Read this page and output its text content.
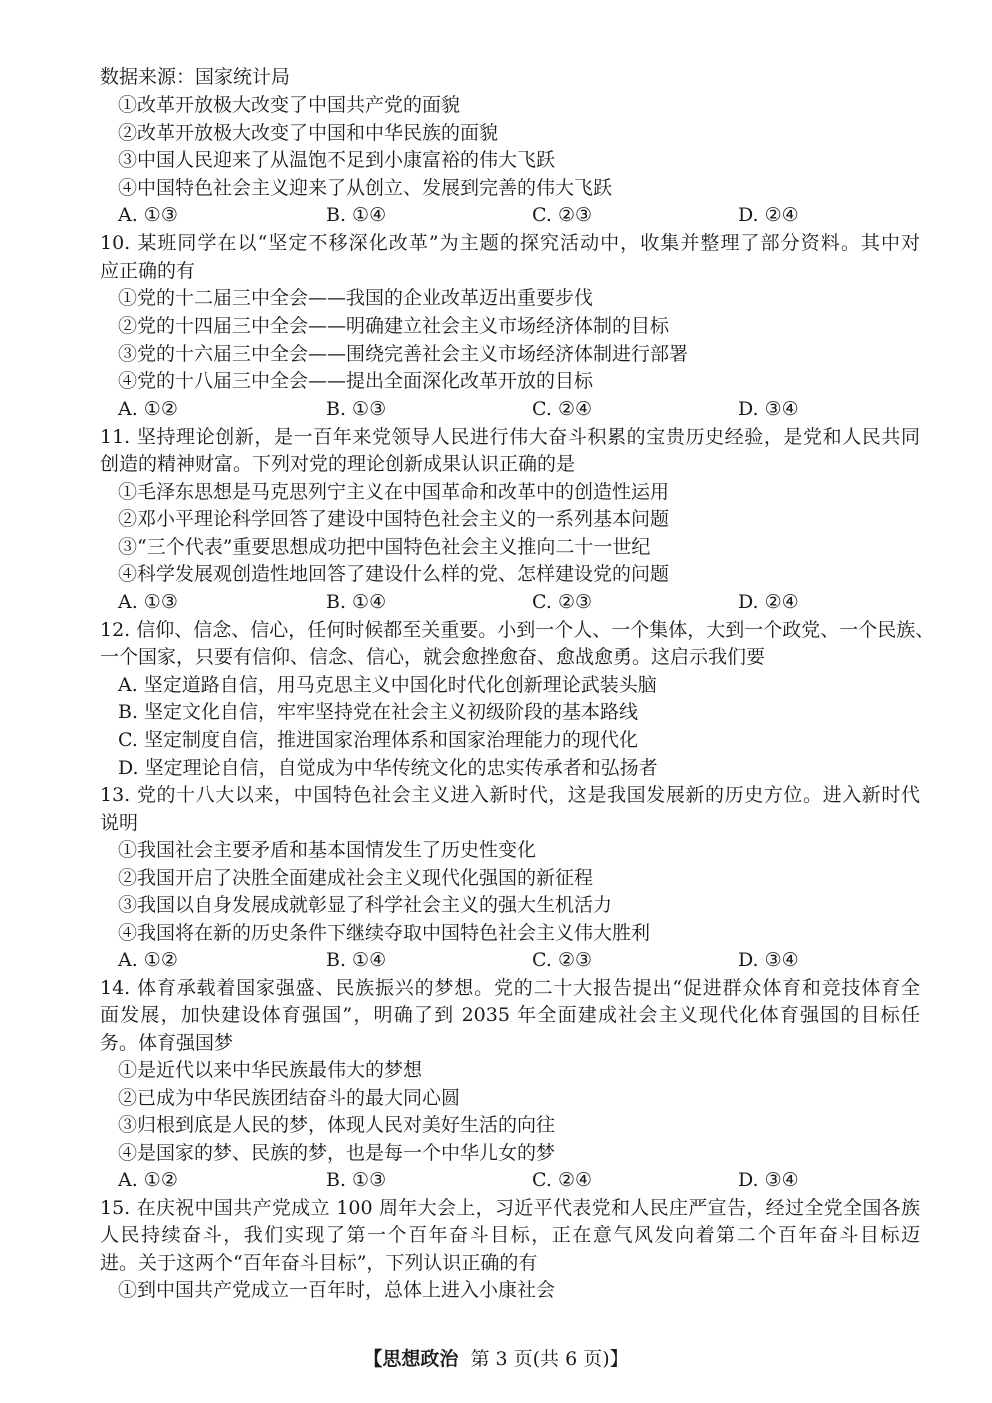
数据来源：国家统计局
①改革开放极大改变了中国共产党的面貌
②改革开放极大改变了中国和中华民族的面貌
③中国人民迎来了从温饱不足到小康富裕的伟大飞跃
④中国特色社会主义迎来了从创立、发展到完善的伟大飞跃
A. ①③	B. ①④	C. ②③	D. ②④
10. 某班同学在以“坚定不移深化改革”为主题的探究活动中，收集并整理了部分资料。其中对
应正确的有
①党的十二届三中全会——我国的企业改革迈出重要步伐
②党的十四届三中全会——明确建立社会主义市场经济体制的目标
③党的十六届三中全会——围绕完善社会主义市场经济体制进行部署
④党的十八届三中全会——提出全面深化改革开放的目标
A. ①②	B. ①③	C. ②④	D. ③④
11. 坚持理论创新，是一百年来党领导人民进行伟大奋斗积累的宝贵历史经验，是党和人民共同
创造的精神财富。下列对党的理论创新成果认识正确的是
①毛泽东思想是马克思列宁主义在中国革命和改革中的创造性运用
②邓小平理论科学回答了建设中国特色社会主义的一系列基本问题
③“三个代表”重要思想成功把中国特色社会主义推向二十一世纪
④科学发展观创造性地回答了建设什么样的党、怎样建设党的问题
A. ①③	B. ①④	C. ②③	D. ②④
12. 信仰、信念、信心，任何时候都至关重要。小到一个人、一个集体，大到一个政党、一个民族、
一个国家，只要有信仰、信念、信心，就会愈挫愈奋、愈战愈勇。这启示我们要
A. 坚定道路自信，用马克思主义中国化时代化创新理论武装头脑
B. 坚定文化自信，牢牢坚持党在社会主义初级阶段的基本路线
C. 坚定制度自信，推进国家治理体系和国家治理能力的现代化
D. 坚定理论自信，自觉成为中华传统文化的忠实传承者和弘扬者
13. 党的十八大以来，中国特色社会主义进入新时代，这是我国发展新的历史方位。进入新时代
说明
①我国社会主要矛盾和基本国情发生了历史性变化
②我国开启了决胜全面建成社会主义现代化强国的新征程
③我国以自身发展成就彰显了科学社会主义的强大生机活力
④我国将在新的历史条件下继续夺取中国特色社会主义伟大胜利
A. ①②	B. ①④	C. ②③	D. ③④
14. 体育承载着国家强盛、民族振兴的梦想。党的二十大报告提出“促进群众体育和竞技体育全
面发展，加快建设体育强国”，明确了到 2035 年全面建成社会主义现代化体育强国的目标任
务。体育强国梦
①是近代以来中华民族最伟大的梦想
②已成为中华民族团结奋斗的最大同心圆
③归根到底是人民的梦，体现人民对美好生活的向往
④是国家的梦、民族的梦，也是每一个中华儿女的梦
A. ①②	B. ①③	C. ②④	D. ③④
15. 在庆祝中国共产党成立 100 周年大会上，习近平代表党和人民庄严宣告，经过全党全国各族
人民持续奋斗，我们实现了第一个百年奋斗目标，正在意气风发向着第二个百年奋斗目标迈
进。关于这两个“百年奋斗目标”，下列认识正确的有
①到中国共产党成立一百年时，总体上进入小康社会
【思想政治 第 3 页(共 6 页)】
